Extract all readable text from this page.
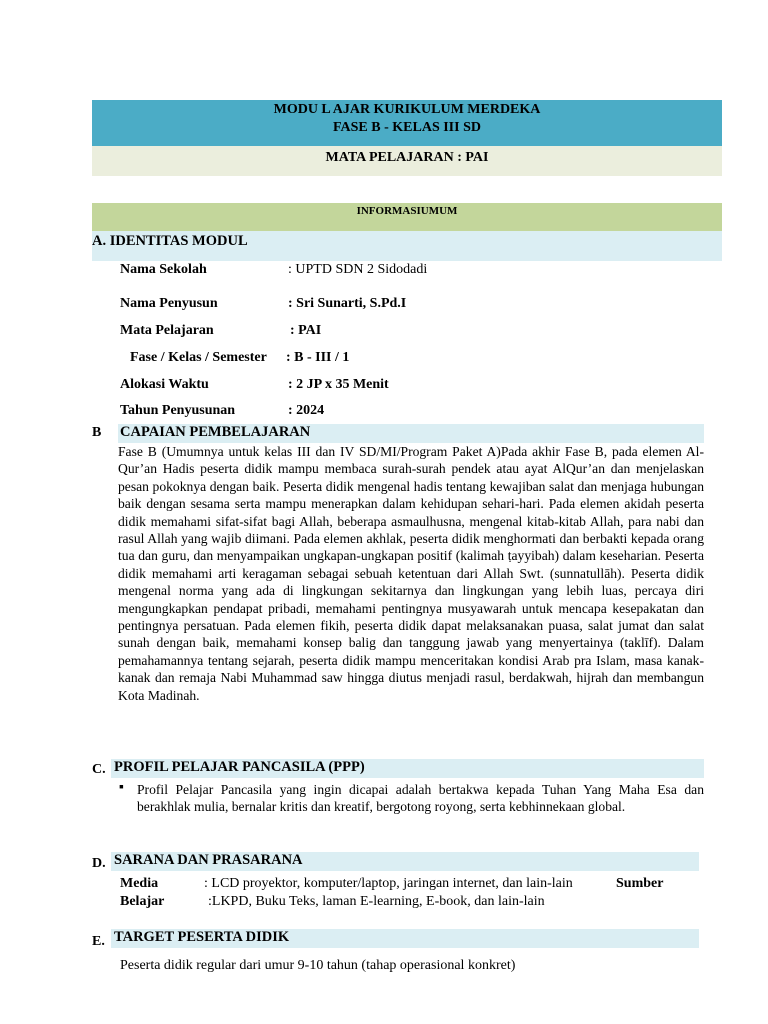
MODU L AJAR KURIKULUM MERDEKA
FASE B - KELAS III SD
MATA PELAJARAN : PAI
INFORMASIUMUM
A. IDENTITAS MODUL
Nama Sekolah	: UPTD SDN 2 Sidodadi
Nama Penyusun	: Sri Sunarti, S.Pd.I
Mata Pelajaran	: PAI
Fase / Kelas / Semester : B - III / 1
Alokasi Waktu	: 2 JP x 35 Menit
Tahun Penyusunan	: 2024
B CAPAIAN PEMBELAJARAN
Fase B (Umumnya untuk kelas III dan IV SD/MI/Program Paket A)Pada akhir Fase B, pada elemen Al-Qur’an Hadis peserta didik mampu membaca surah-surah pendek atau ayat AlQur’an dan menjelaskan pesan pokoknya dengan baik. Peserta didik mengenal hadis tentang kewajiban salat dan menjaga hubungan baik dengan sesama serta mampu menerapkan dalam kehidupan sehari-hari. Pada elemen akidah peserta didik memahami sifat-sifat bagi Allah, beberapa asmaulhusna, mengenal kitab-kitab Allah, para nabi dan rasul Allah yang wajib diimani. Pada elemen akhlak, peserta didik menghormati dan berbakti kepada orang tua dan guru, dan menyampaikan ungkapan-ungkapan positif (kalimah ṭayyibah) dalam keseharian. Peserta didik memahami arti keragaman sebagai sebuah ketentuan dari Allah Swt. (sunnatullāh). Peserta didik mengenal norma yang ada di lingkungan sekitarnya dan lingkungan yang lebih luas, percaya diri mengungkapkan pendapat pribadi, memahami pentingnya musyawarah untuk mencapa kesepakatan dan pentingnya persatuan. Pada elemen fikih, peserta didik dapat melaksanakan puasa, salat jumat dan salat sunah dengan baik, memahami konsep balig dan tanggung jawab yang menyertainya (taklīf). Dalam pemahamannya tentang sejarah, peserta didik mampu menceritakan kondisi Arab pra Islam, masa kanak-kanak dan remaja Nabi Muhammad saw hingga diutus menjadi rasul, berdakwah, hijrah dan membangun Kota Madinah.
C. PROFIL PELAJAR PANCASILA (PPP)
▪ Profil Pelajar Pancasila yang ingin dicapai adalah bertakwa kepada Tuhan Yang Maha Esa dan berakhlak mulia, bernalar kritis dan kreatif, bergotong royong, serta kebhinnekaan global.
D. SARANA DAN PRASARANA
Media	: LCD proyektor, komputer/laptop, jaringan internet, dan lain-lain	Sumber
Belajar	:LKPD, Buku Teks, laman E-learning, E-book, dan lain-lain
E. TARGET PESERTA DIDIK
Peserta didik regular dari umur 9-10 tahun (tahap operasional konkret)
